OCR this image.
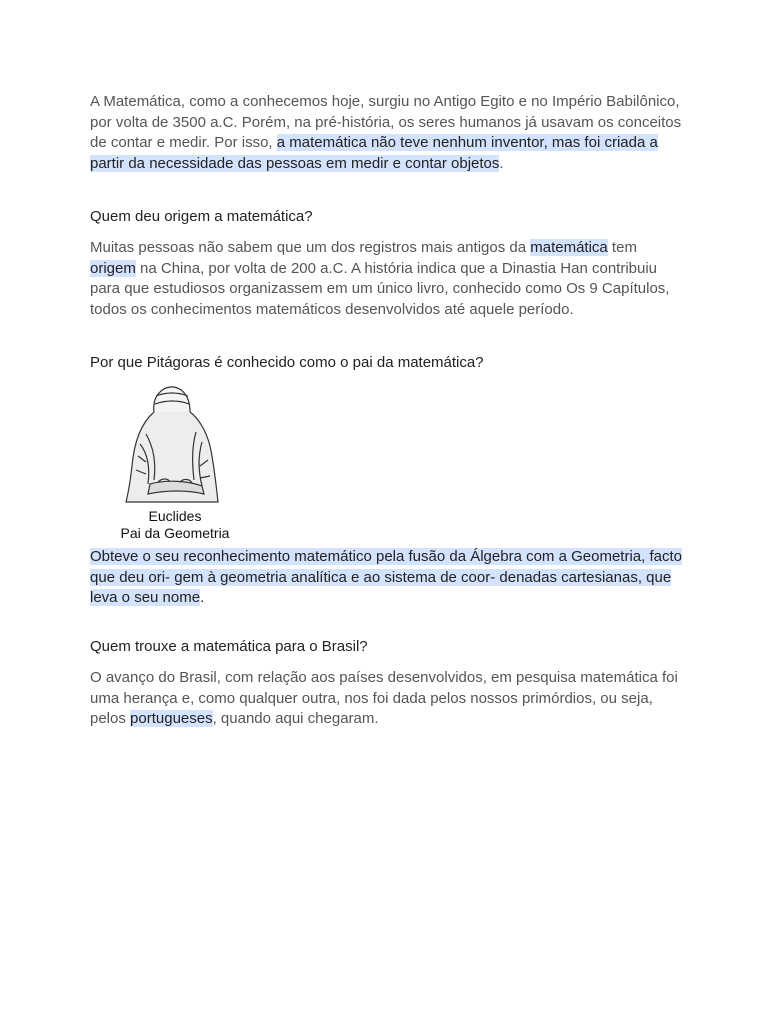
A Matemática, como a conhecemos hoje, surgiu no Antigo Egito e no Império Babilônico, por volta de 3500 a.C. Porém, na pré-história, os seres humanos já usavam os conceitos de contar e medir. Por isso, a matemática não teve nenhum inventor, mas foi criada a partir da necessidade das pessoas em medir e contar objetos.

Quem deu origem a matemática?

Muitas pessoas não sabem que um dos registros mais antigos da matemática tem origem na China, por volta de 200 a.C. A história indica que a Dinastia Han contribuiu para que estudiosos organizassem em um único livro, conhecido como Os 9 Capítulos, todos os conhecimentos matemáticos desenvolvidos até aquele período.

Por que Pitágoras é conhecido como o pai da matemática?

Euclides
Pai da Geometria

Obteve o seu reconhecimento matemático pela fusão da Álgebra com a Geometria, facto que deu ori- gem à geometria analítica e ao sistema de coor- denadas cartesianas, que leva o seu nome.

Quem trouxe a matemática para o Brasil?

O avanço do Brasil, com relação aos países desenvolvidos, em pesquisa matemática foi uma herança e, como qualquer outra, nos foi dada pelos nossos primórdios, ou seja, pelos portugueses, quando aqui chegaram.
